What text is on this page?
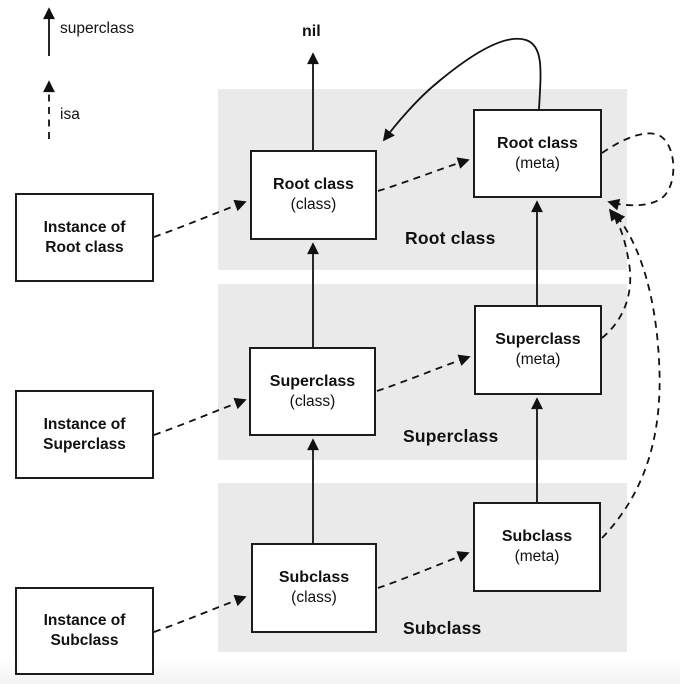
Root class
Superclass
Subclass
superclass
isa
nil
Root class
(class)
Root class
(meta)
Superclass
(class)
Superclass
(meta)
Subclass
(class)
Subclass
(meta)
Instance of
Root class
Instance of
Superclass
Instance of
Subclass
